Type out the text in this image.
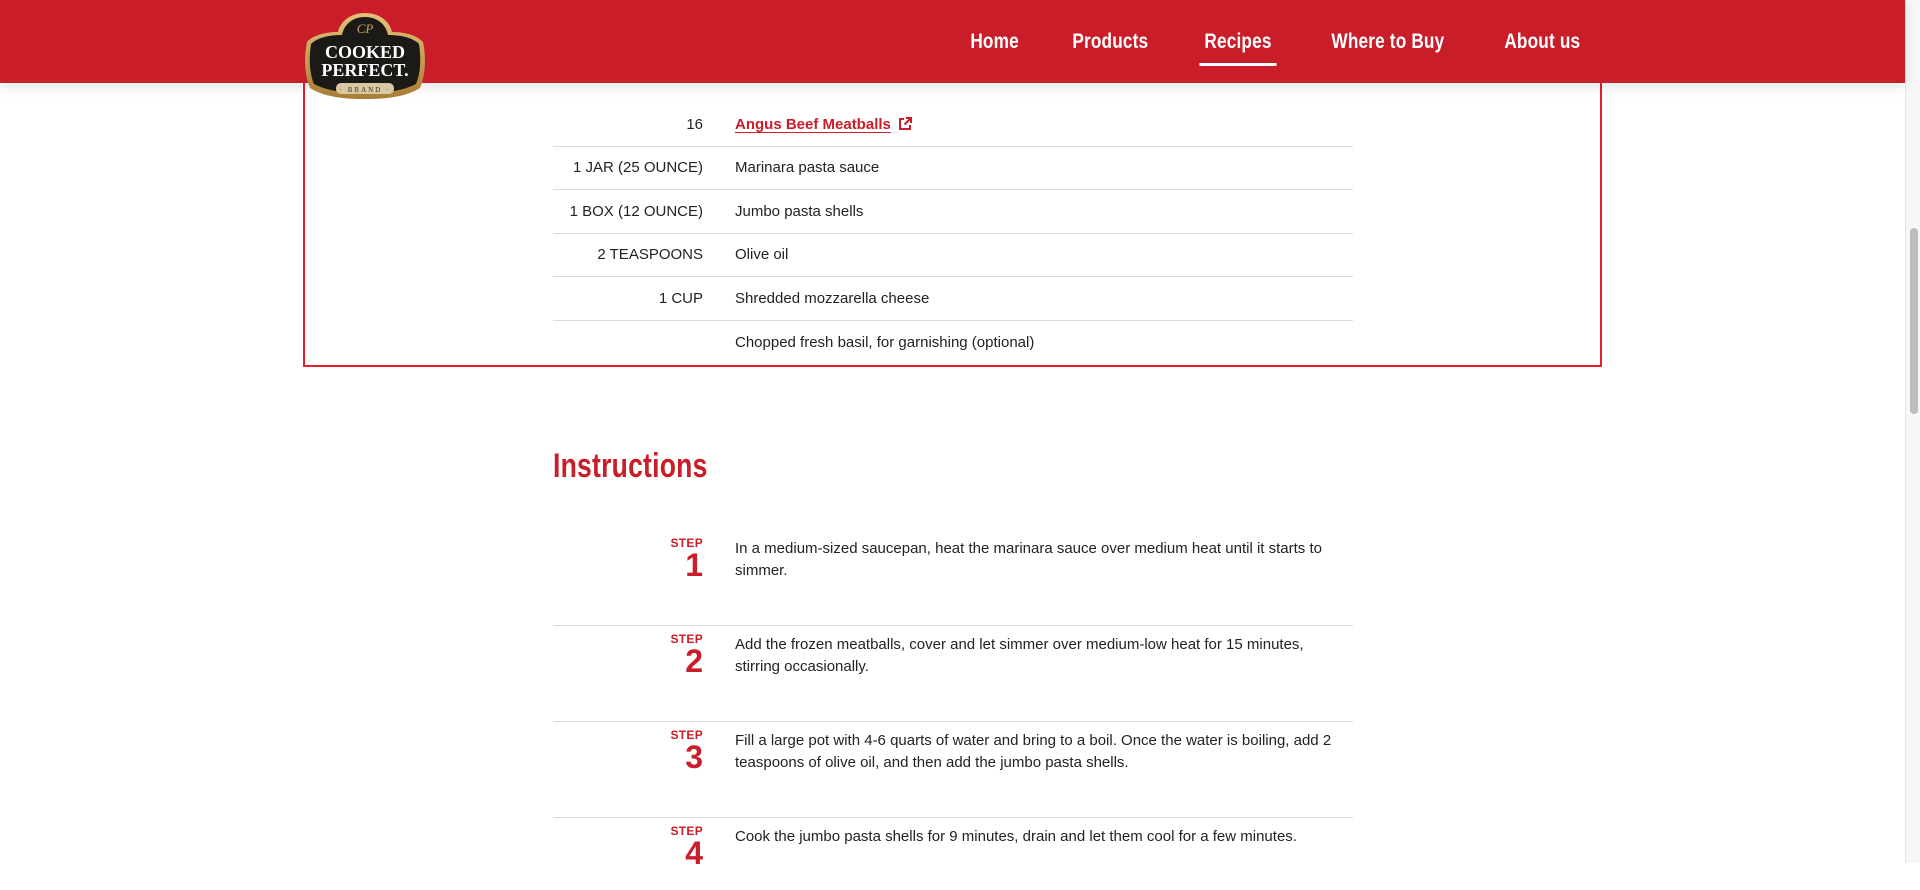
Home	Products	Recipes	Where to Buy	About us
CP
COOKED
PERFECT.
· BRAND ·
16 Angus Beef Meatballs
1 JAR (25 OUNCE) Marinara pasta sauce
1 BOX (12 OUNCE) Jumbo pasta shells
2 TEASPOONS Olive oil
1 CUP Shredded mozzarella cheese
Chopped fresh basil, for garnishing (optional)
Instructions
STEP
1 In a medium-sized saucepan, heat the marinara sauce over medium heat until it starts to simmer.
STEP
2 Add the frozen meatballs, cover and let simmer over medium-low heat for 15 minutes, stirring occasionally.
STEP
3 Fill a large pot with 4-6 quarts of water and bring to a boil. Once the water is boiling, add 2 teaspoons of olive oil, and then add the jumbo pasta shells.
STEP
4 Cook the jumbo pasta shells for 9 minutes, drain and let them cool for a few minutes.
